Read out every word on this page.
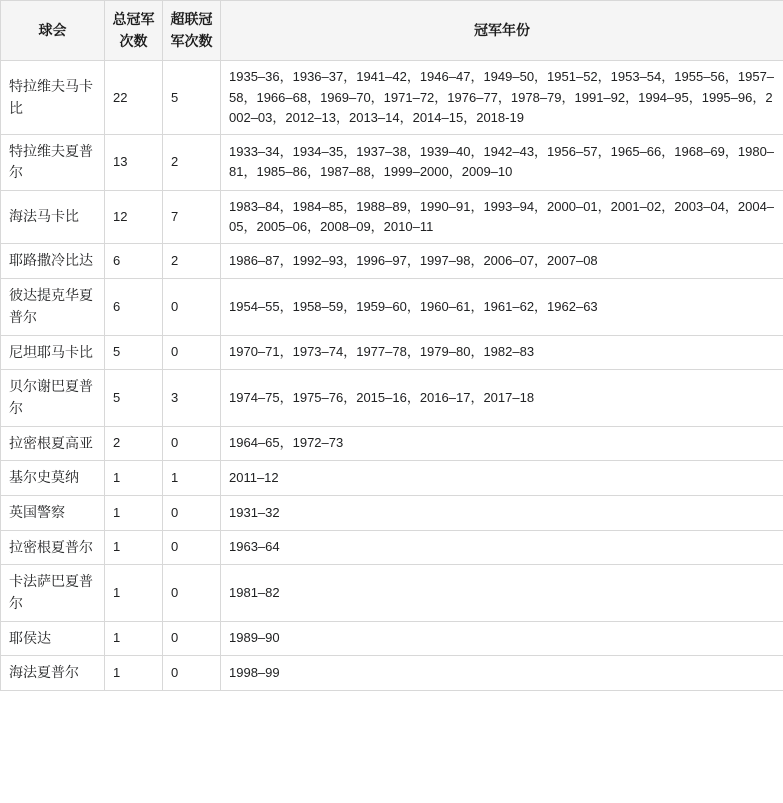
球会	总冠军次数	超联冠军次数	冠军年份
特拉维夫马卡比	22	5	1935–36，1936–37，1941–42，1946–47，1949–50，1951–52，1953–54，1955–56，1957–58，1966–68，1969–70，1971–72，1976–77，1978–79，1991–92，1994–95，1995–96，2002–03，2012–13，2013–14，2014–15，2018-19
特拉维夫夏普尔	13	2	1933–34，1934–35，1937–38，1939–40，1942–43，1956–57，1965–66，1968–69，1980–81，1985–86，1987–88，1999–2000，2009–10
海法马卡比	12	7	1983–84，1984–85，1988–89，1990–91，1993–94，2000–01，2001–02，2003–04，2004–05，2005–06，2008–09，2010–11
耶路撒冷比达	6	2	1986–87，1992–93，1996–97，1997–98，2006–07，2007–08
彼达提克华夏普尔	6	0	1954–55，1958–59，1959–60，1960–61，1961–62，1962–63
尼坦耶马卡比	5	0	1970–71，1973–74，1977–78，1979–80，1982–83
贝尔谢巴夏普尔	5	3	1974–75，1975–76，2015–16，2016–17，2017–18
拉密根夏高亚	2	0	1964–65，1972–73
基尔史莫纳	1	1	2011–12
英国警察	1	0	1931–32
拉密根夏普尔	1	0	1963–64
卡法萨巴夏普尔	1	0	1981–82
耶侯达	1	0	1989–90
海法夏普尔	1	0	1998–99
